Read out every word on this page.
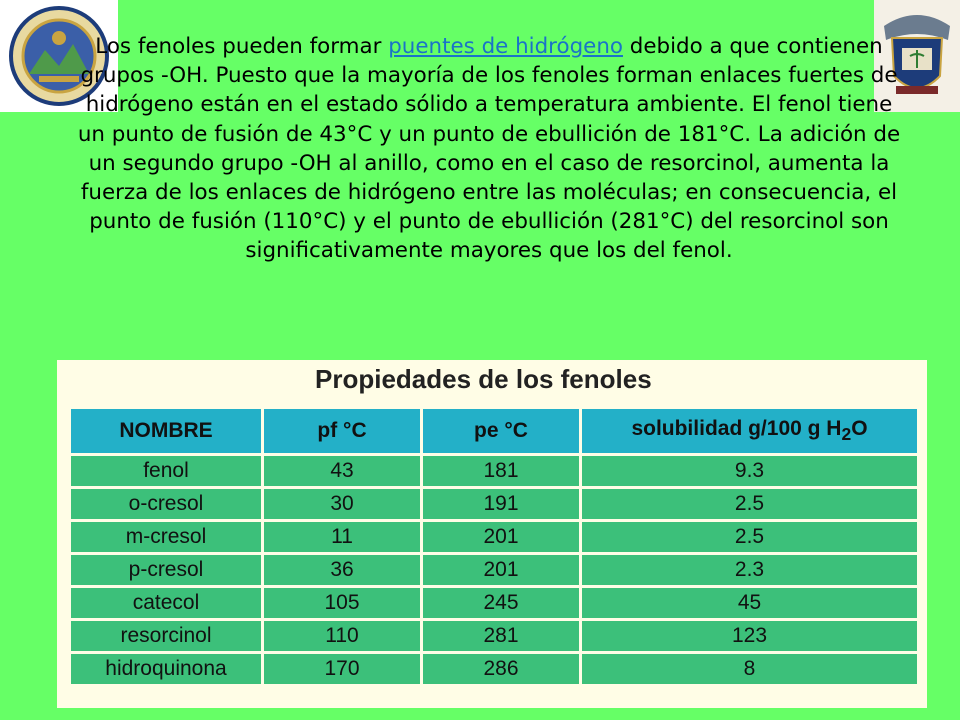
Los fenoles pueden formar puentes de hidrógeno debido a que contienen grupos -OH. Puesto que la mayoría de los fenoles forman enlaces fuertes de hidrógeno están en el estado sólido a temperatura ambiente. El fenol tiene un punto de fusión de 43°C y un punto de ebullición de 181°C. La adición de un segundo grupo -OH al anillo, como en el caso de resorcinol, aumenta la fuerza de los enlaces de hidrógeno entre las moléculas; en consecuencia, el punto de fusión (110°C) y el punto de ebullición (281°C) del resorcinol son significativamente mayores que los del fenol.

Propiedades de los fenoles
NOMBRE	pf °C	pe °C	solubilidad g/100 g $H_2O$
fenol	43	181	9.3
o-cresol	30	191	2.5
m-cresol	11	201	2.5
p-cresol	36	201	2.3
catecol	105	245	45
resorcinol	110	281	123
hidroquinona	170	286	8
